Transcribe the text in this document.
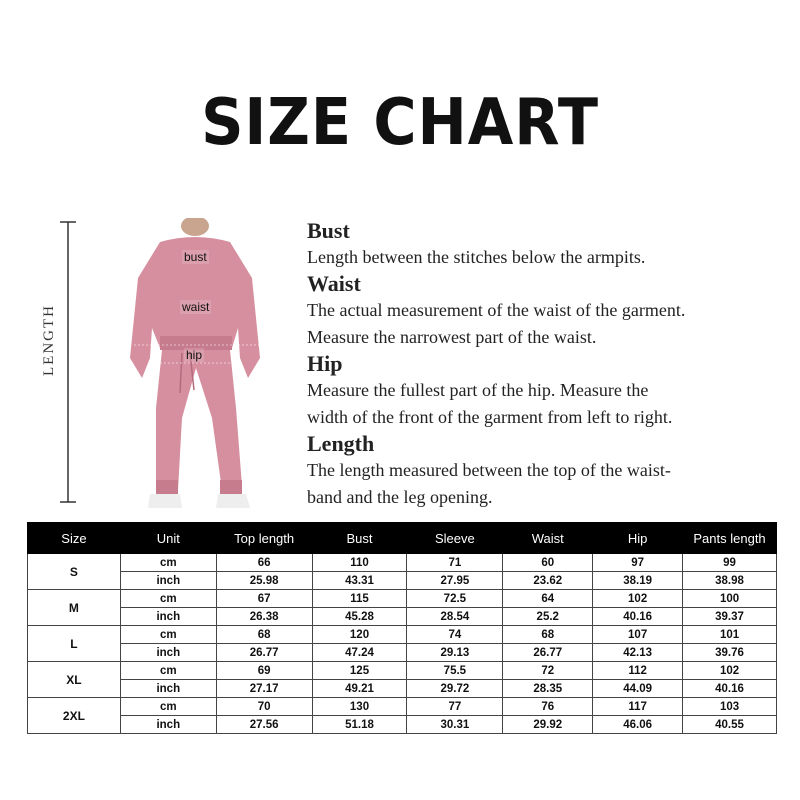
SIZE CHART
LENGTH
bust
waist
hip
Bust

Length between the stitches below the armpits.

Waist

The actual measurement of the waist of the garment.

Measure the narrowest part of the waist.

Hip

Measure the fullest part of the hip. Measure the

width of the front of the garment from left to right.

Length

The length measured between the top of the waist-

band and the leg opening.

Size	Unit	Top length	Bust	Sleeve	Waist	Hip	Pants length
S	cm	66	110	71	60	97	99
	inch	25.98	43.31	27.95	23.62	38.19	38.98
M	cm	67	115	72.5	64	102	100
	inch	26.38	45.28	28.54	25.2	40.16	39.37
L	cm	68	120	74	68	107	101
	inch	26.77	47.24	29.13	26.77	42.13	39.76
XL	cm	69	125	75.5	72	112	102
	inch	27.17	49.21	29.72	28.35	44.09	40.16
2XL	cm	70	130	77	76	117	103
	inch	27.56	51.18	30.31	29.92	46.06	40.55
